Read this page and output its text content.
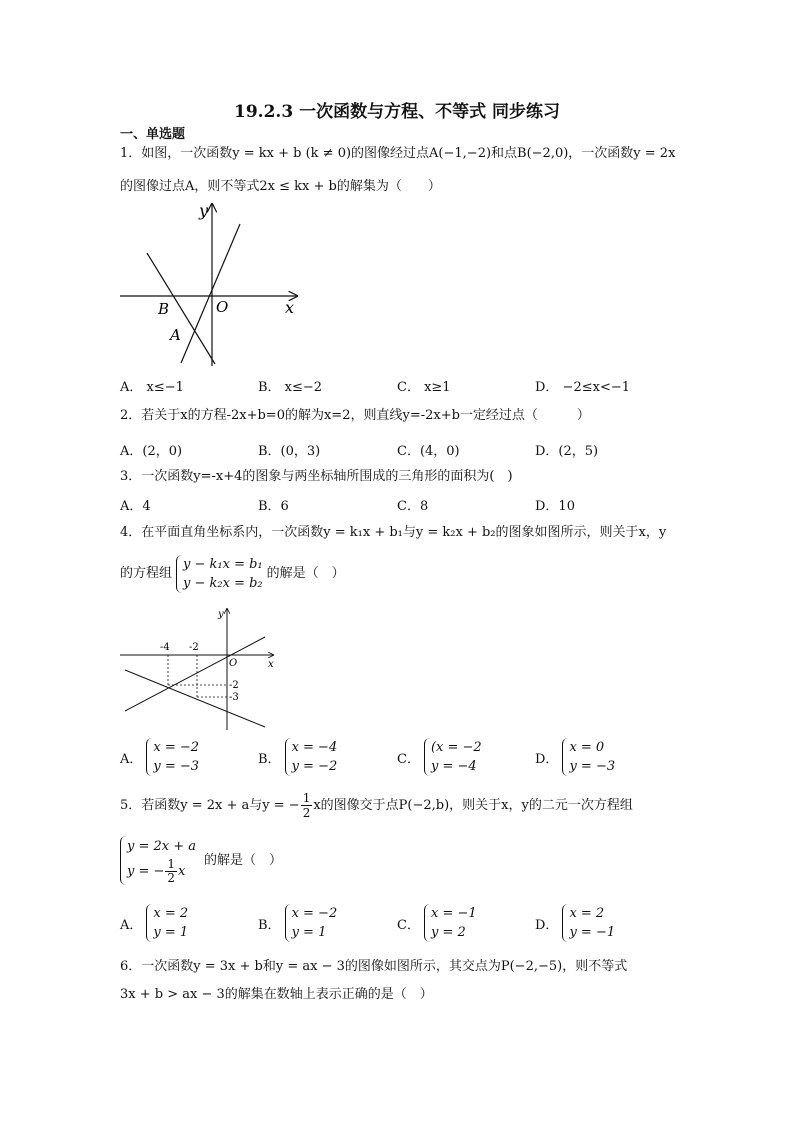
19.2.3 一次函数与方程、不等式 同步练习
一、单选题
1．如图，一次函数y = kx + b (k ≠ 0)的图像经过点A(−1,−2)和点B(−2,0)，一次函数y = 2x
的图像过点A，则不等式2x ≤ kx + b的解集为（　　）
y
x
O
B
A
A． x≤−1	B． x≤−2	C． x≥1	D． −2≤x<−1
2．若关于x的方程-2x+b=0的解为x=2，则直线y=-2x+b一定经过点（　　　）
A．(2，0)	B．(0，3)	C．(4，0)	D．(2，5)
3．一次函数y=-x+4的图象与两坐标轴所围成的三角形的面积为(　)
A．4	B．6	C．8	D．10
4．在平面直角坐标系内，一次函数y = k₁x + b₁与y = k₂x + b₂的图象如图所示，则关于x，y
的方程组
y − k₁x = b₁
y − k₂x = b₂
的解是（　）
y
x
O
-4 -2
-2
-3
A．
x = −2
y = −3	B．
x = −4
y = −2	C．
(x = −2
y = −4	D．
x = 0
y = −3
5．若函数y = 2x + a与y = − $\frac{1}{2}$ x的图像交于点P(−2,b)，则关于x，y的二元一次方程组
y = 2x + a
y = − $\frac{1}{2}$ x
的解是（　）
A．
x = 2
y = 1	B．
x = −2
y = 1	C．
x = −1
y = 2	D．
x = 2
y = −1
6．一次函数y = 3x + b和y = ax − 3的图像如图所示，其交点为P(−2,−5)，则不等式
3x + b > ax − 3的解集在数轴上表示正确的是（　）
